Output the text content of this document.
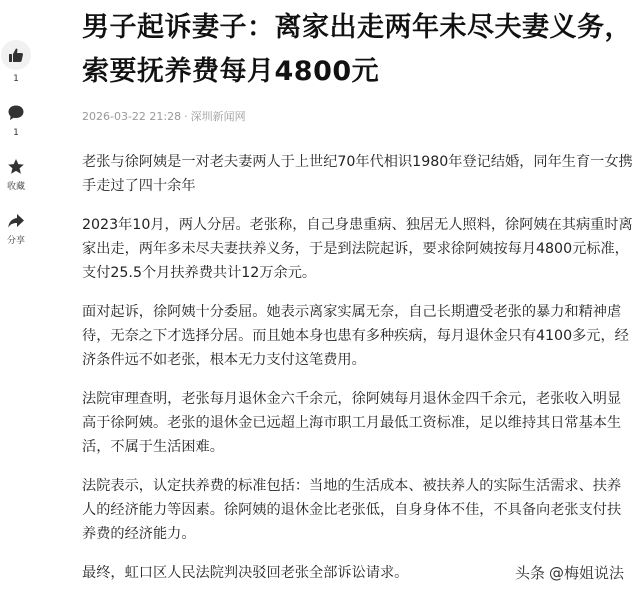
1
1
收藏
分享
男子起诉妻子：离家出走两年未尽夫妻义务，索要抚养费每月4800元
2026-03-22 21:28 · 深圳新闻网

老张与徐阿姨是一对老夫妻两人于上世纪70年代相识1980年登记结婚，同年生育一女携手走过了四十余年

2023年10月，两人分居。老张称，自己身患重病、独居无人照料，徐阿姨在其病重时离家出走，两年多未尽夫妻扶养义务，于是到法院起诉，要求徐阿姨按每月4800元标准，支付25.5个月扶养费共计12万余元。

面对起诉，徐阿姨十分委屈。她表示离家实属无奈，自己长期遭受老张的暴力和精神虐待，无奈之下才选择分居。而且她本身也患有多种疾病，每月退休金只有4100多元，经济条件远不如老张，根本无力支付这笔费用。

法院审理查明，老张每月退休金六千余元，徐阿姨每月退休金四千余元，老张收入明显高于徐阿姨。老张的退休金已远超上海市职工月最低工资标准，足以维持其日常基本生活，不属于生活困难。

法院表示，认定扶养费的标准包括：当地的生活成本、被扶养人的实际生活需求、扶养人的经济能力等因素。徐阿姨的退休金比老张低，自身身体不佳，不具备向老张支付扶养费的经济能力。

最终，虹口区人民法院判决驳回老张全部诉讼请求。	头条 @梅姐说法
